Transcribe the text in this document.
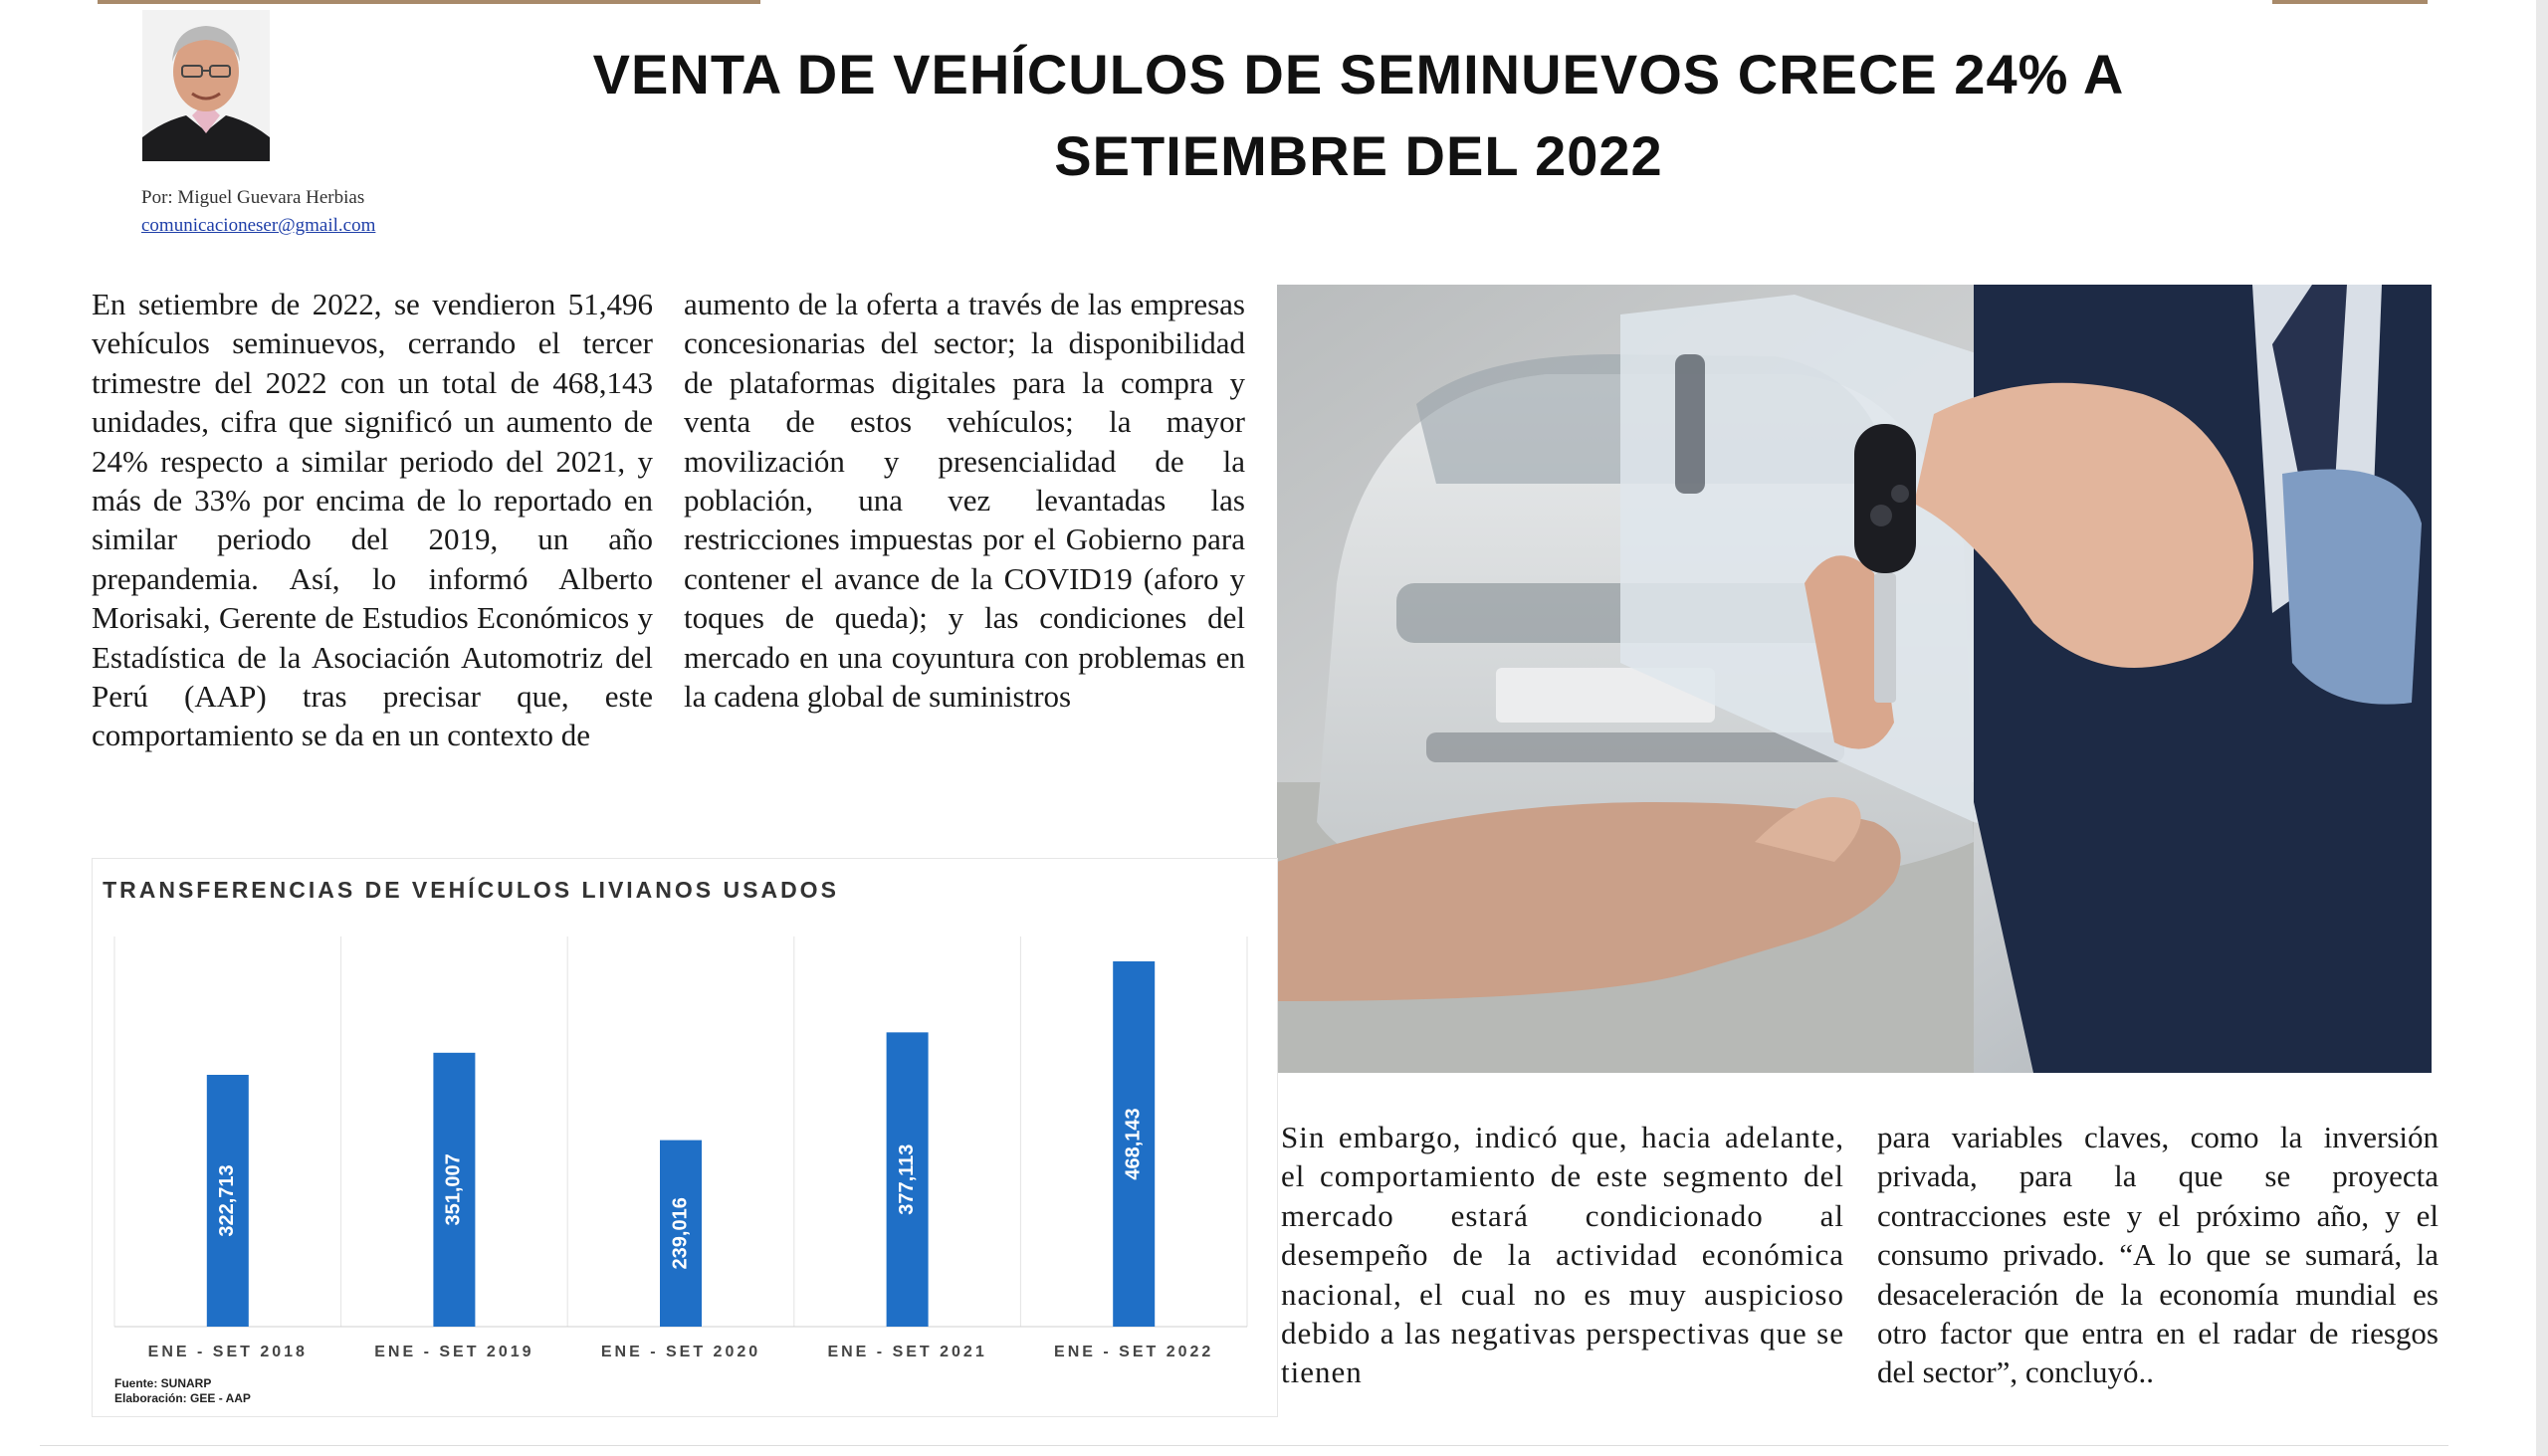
Por: Miguel Guevara Herbias
comunicacioneser@gmail.com
VENTA DE VEHÍCULOS DE SEMINUEVOS CRECE 24% A
SETIEMBRE DEL 2022

En setiembre de 2022, se vendieron 51,496 vehículos seminuevos, cerrando el tercer trimestre del 2022 con un total de 468,143 unidades, cifra que significó un aumento de 24% respecto a similar periodo del 2021, y más de 33% por encima de lo reportado en similar periodo del 2019, un año prepandemia. Así, lo informó Alberto Morisaki, Gerente de Estudios Económicos y Estadística de la Asociación Automotriz del Perú (AAP) tras precisar que, este comportamiento se da en un contexto de

aumento de la oferta a través de las empresas concesionarias del sector; la disponibilidad de plataformas digitales para la compra y venta de estos vehículos; la mayor movilización y presencialidad de la población, una vez levantadas las restricciones impuestas por el Gobierno para contener el avance de la COVID19 (aforo y toques de queda); y las condiciones del mercado en una coyuntura con problemas en la cadena global de suministros

TRANSFERENCIAS DE VEHÍCULOS LIVIANOS USADOS
322,713
ENE - SET 2018
351,007
ENE - SET 2019
239,016
ENE - SET 2020
377,113
ENE - SET 2021
468,143
ENE - SET 2022
Fuente: SUNARP
Elaboración: GEE - AAP

Sin embargo, indicó que, hacia adelante, el comportamiento de este segmento del mercado estará condicionado al desempeño de la actividad económica nacional, el cual no es muy auspicioso debido a las negativas perspectivas que se tienen

para variables claves, como la inversión privada, para la que se proyecta contracciones este y el próximo año, y el consumo privado. “A lo que se sumará, la desaceleración de la economía mundial es otro factor que entra en el radar de riesgos del sector”, concluyó..
